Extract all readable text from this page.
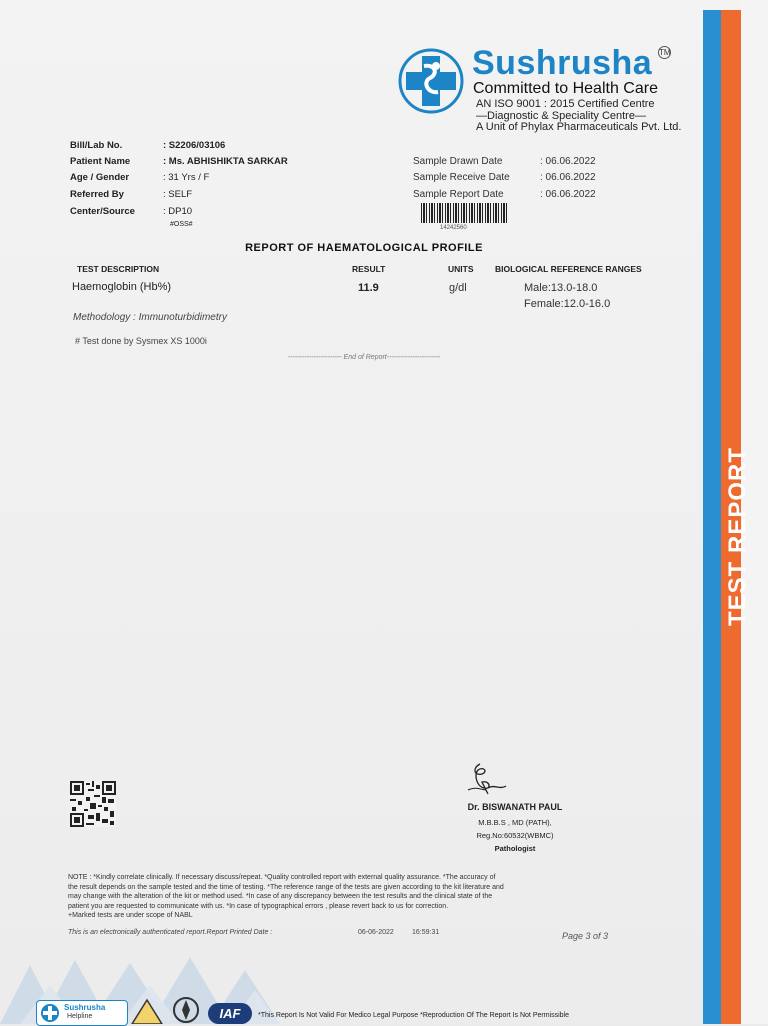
TEST REPORT
Sushrusha TM
Committed to Health Care
AN ISO 9001 : 2015 Certified Centre
—Diagnostic & Speciality Centre—
A Unit of Phylax Pharmaceuticals Pvt. Ltd.
Bill/Lab No.	: S2206/03106
Patient Name	: Ms. ABHISHIKTA SARKAR
Age / Gender	: 31 Yrs / F
Referred By	: SELF
Center/Source	: DP10
#OSS#
Sample Drawn Date	: 06.06.2022
Sample Receive Date	: 06.06.2022
Sample Report Date	: 06.06.2022
14242560
REPORT OF HAEMATOLOGICAL PROFILE
TEST DESCRIPTION	RESULT	UNITS	BIOLOGICAL REFERENCE RANGES
Haemoglobin (Hb%)	11.9	g/dl	Male:13.0-18.0
Female:12.0-16.0
Methodology : Immunoturbidimetry
# Test done by Sysmex XS 1000i
----------------------- End of Report-----------------------
Dr. BISWANATH PAUL
M.B.B.S , MD (PATH),
Reg.No:60532(WBMC)
Pathologist
NOTE : *Kindly correlate clinically. If necessary discuss/repeat. *Quality controlled report with external quality assurance. *The accuracy of
the result depends on the sample tested and the time of testing. *The reference range of the tests are given according to the kit literature and
may change with the alteration of the kit or method used. *In case of any discrepancy between the test results and the clinical state of the
patient you are requested to communicate with us. *In case of typographical errors , please revert back to us for correction.
+Marked tests are under scope of NABL
This is an electronically authenticated report.Report Printed Date :	06-06-2022	16:59:31	Page 3 of 3
Sushrusha
Helpline	IAF	*This Report Is Not Valid For Medico Legal Purpose *Reproduction Of The Report Is Not Permissible
